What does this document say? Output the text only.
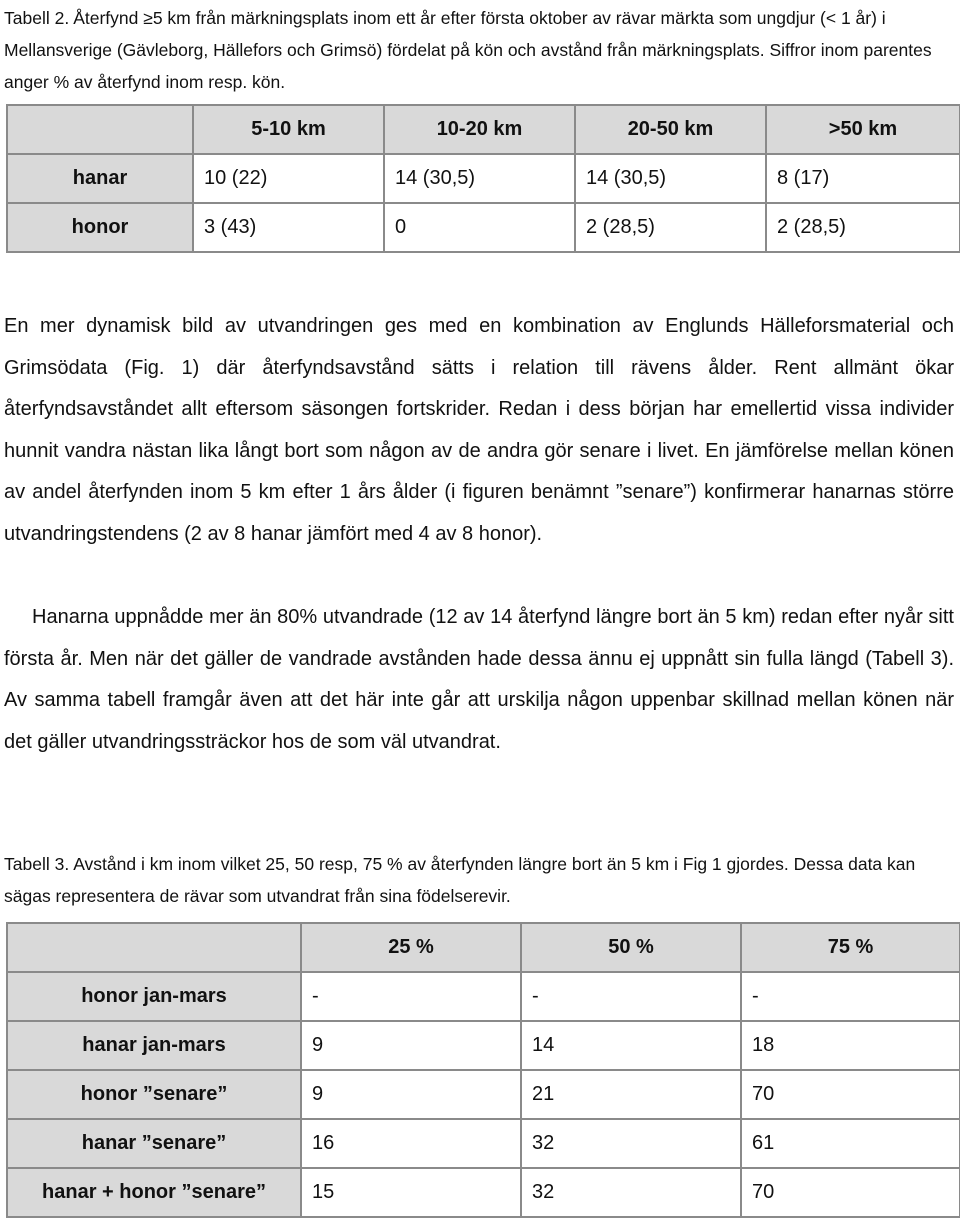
Tabell 2. Återfynd ≥5 km från märkningsplats inom ett år efter första oktober av rävar märkta som ungdjur (< 1 år) i Mellansverige (Gävleborg, Hällefors och Grimsö) fördelat på kön och avstånd från märkningsplats. Siffror inom parentes anger % av återfynd inom resp. kön.
	5-10 km	10-20 km	20-50 km	>50 km
hanar	10 (22)	14 (30,5)	14 (30,5)	8 (17)
honor	3 (43)	0	2 (28,5)	2 (28,5)

En mer dynamisk bild av utvandringen ges med en kombination av Englunds Hälleforsmaterial och Grimsödata (Fig. 1) där återfyndsavstånd sätts i relation till rävens ålder. Rent allmänt ökar återfyndsavståndet allt eftersom säsongen fortskrider. Redan i dess början har emellertid vissa individer hunnit vandra nästan lika långt bort som någon av de andra gör senare i livet. En jämförelse mellan könen av andel återfynden inom 5 km efter 1 års ålder (i figuren benämnt ”senare”) konfirmerar hanarnas större utvandringstendens (2 av 8 hanar jämfört med 4 av 8 honor).

Hanarna uppnådde mer än 80% utvandrade (12 av 14 återfynd längre bort än 5 km) redan efter nyår sitt första år. Men när det gäller de vandrade avstånden hade dessa ännu ej uppnått sin fulla längd (Tabell 3). Av samma tabell framgår även att det här inte går att urskilja någon uppenbar skillnad mellan könen när det gäller utvandringssträckor hos de som väl utvandrat.

Tabell 3. Avstånd i km inom vilket 25, 50 resp, 75 % av återfynden längre bort än 5 km i Fig 1 gjordes. Dessa data kan sägas representera de rävar som utvandrat från sina födelserevir.
	25 %	50 %	75 %
honor jan-mars	-	-	-
hanar jan-mars	9	14	18
honor ”senare”	9	21	70
hanar ”senare”	16	32	61
hanar + honor ”senare”	15	32	70
